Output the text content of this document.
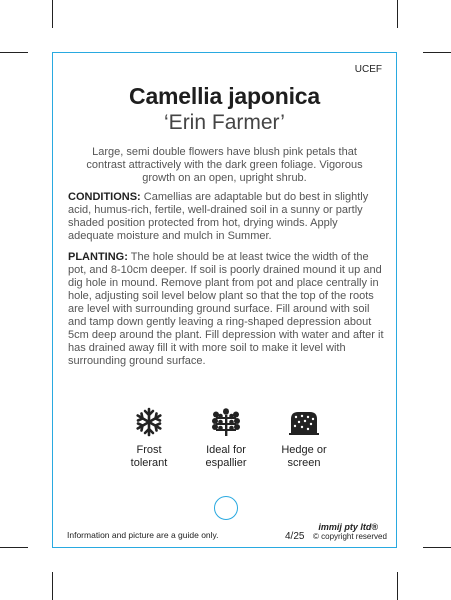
UCEF
Camellia japonica
‘Erin Farmer’
Large, semi double flowers have blush pink petals that contrast attractively with the dark green foliage. Vigorous growth on an open, upright shrub.
CONDITIONS: Camellias are adaptable but do best in slightly acid, humus-rich, fertile, well-drained soil in a sunny or partly shaded position protected from hot, drying winds. Apply adequate moisture and mulch in Summer.
PLANTING: The hole should be at least twice the width of the pot, and 8-10cm deeper. If soil is poorly drained mound it up and dig hole in mound. Remove plant from pot and place centrally in hole, adjusting soil level below plant so that the top of the roots are level with surrounding ground surface. Fill around with soil and tamp down gently leaving a ring-shaped depression about 5cm deep around the plant. Fill depression with water and after it has drained away fill it with more soil to make it level with surrounding ground surface.
Frost
tolerant
Ideal for
espallier
Hedge or
screen
Information and picture are a guide only.
immij pty ltd®
4/25 © copyright reserved
